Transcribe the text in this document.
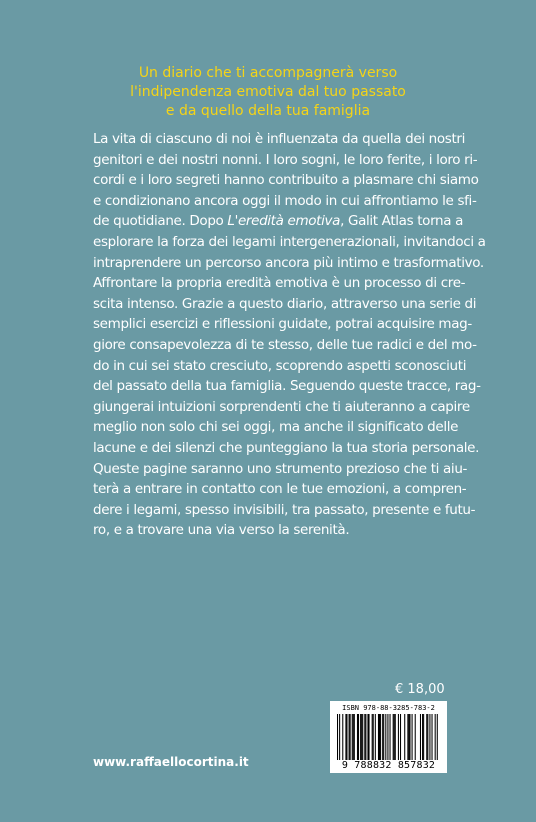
Un diario che ti accompagnerà verso
l'indipendenza emotiva dal tuo passato
e da quello della tua famiglia
La vita di ciascuno di noi è influenzata da quella dei nostri
genitori e dei nostri nonni. I loro sogni, le loro ferite, i loro ri-
cordi e i loro segreti hanno contribuito a plasmare chi siamo
e condizionano ancora oggi il modo in cui affrontiamo le sfi-
de quotidiane. Dopo L'eredità emotiva, Galit Atlas torna a
esplorare la forza dei legami intergenerazionali, invitandoci a
intraprendere un percorso ancora più intimo e trasformativo.
Affrontare la propria eredità emotiva è un processo di cre-
scita intenso. Grazie a questo diario, attraverso una serie di
semplici esercizi e riflessioni guidate, potrai acquisire mag-
giore consapevolezza di te stesso, delle tue radici e del mo-
do in cui sei stato cresciuto, scoprendo aspetti sconosciuti
del passato della tua famiglia. Seguendo queste tracce, rag-
giungerai intuizioni sorprendenti che ti aiuteranno a capire
meglio non solo chi sei oggi, ma anche il significato delle
lacune e dei silenzi che punteggiano la tua storia personale.
Queste pagine saranno uno strumento prezioso che ti aiu-
terà a entrare in contatto con le tue emozioni, a compren-
dere i legami, spesso invisibili, tra passato, presente e futu-
ro, e a trovare una via verso la serenità.
€ 18,00
ISBN 978-88-3285-783-2
9 788832 857832
www.raffaellocortina.it
